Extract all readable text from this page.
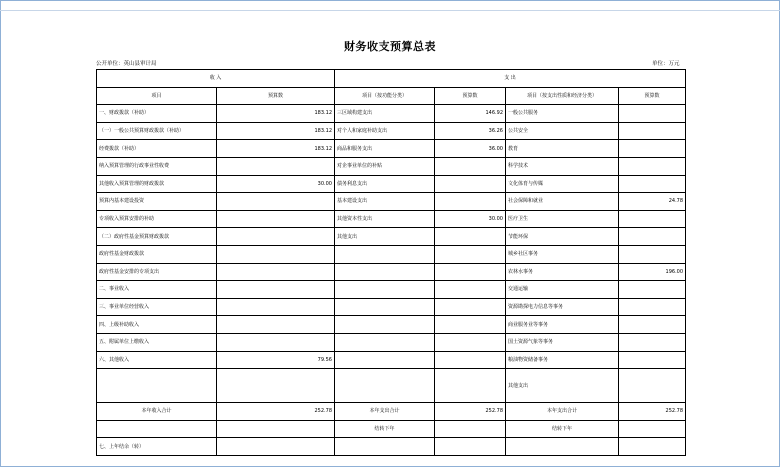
财务收支预算总表
公开单位：英山县审计局	单位：万元
收 入		支 出			
项目	预算数	项目（按功能分类）	预算数	项目（按支出性质和经济分类）	预算数
一、财政拨款（补助）	183.12	三区域构建支出	146.92	一般公共服务	
（一）一般公共预算财政拨款（补助）	183.12	对个人和家庭补助支出	36.26	公共安全	
经费拨款（补助）	183.12	商品和服务支出	36.00	教育	
纳入预算管理的行政事业性收费		对企事业单位的补贴		科学技术	
其他收入预算管理的财政拨款	30.00	债务利息支出		文化体育与传媒	
预算内基本建设投资		基本建设支出		社会保障和就业	24.78
专项收入预算安排的补助		其他资本性支出	30.00	医疗卫生	
（二）政府性基金预算财政拨款		其他支出		节能环保	
政府性基金财政拨款				城乡社区事务	
政府性基金安排的专项支出				农林水事务	196.00
二、事业收入				交通运输	
三、事业单位经营收入				资源勘探电力信息等事务	
四、上级补助收入				商业服务业等事务	
五、附属单位上缴收入				国土资源气象等事务	
六、其他收入	79.56			粮油物资储备事务	
				其他支出	
本年收入合计	252.78	本年支出合计	252.78	本年支出合计	252.78
		结转下年		结转下年	
七、上年结余（转）					
